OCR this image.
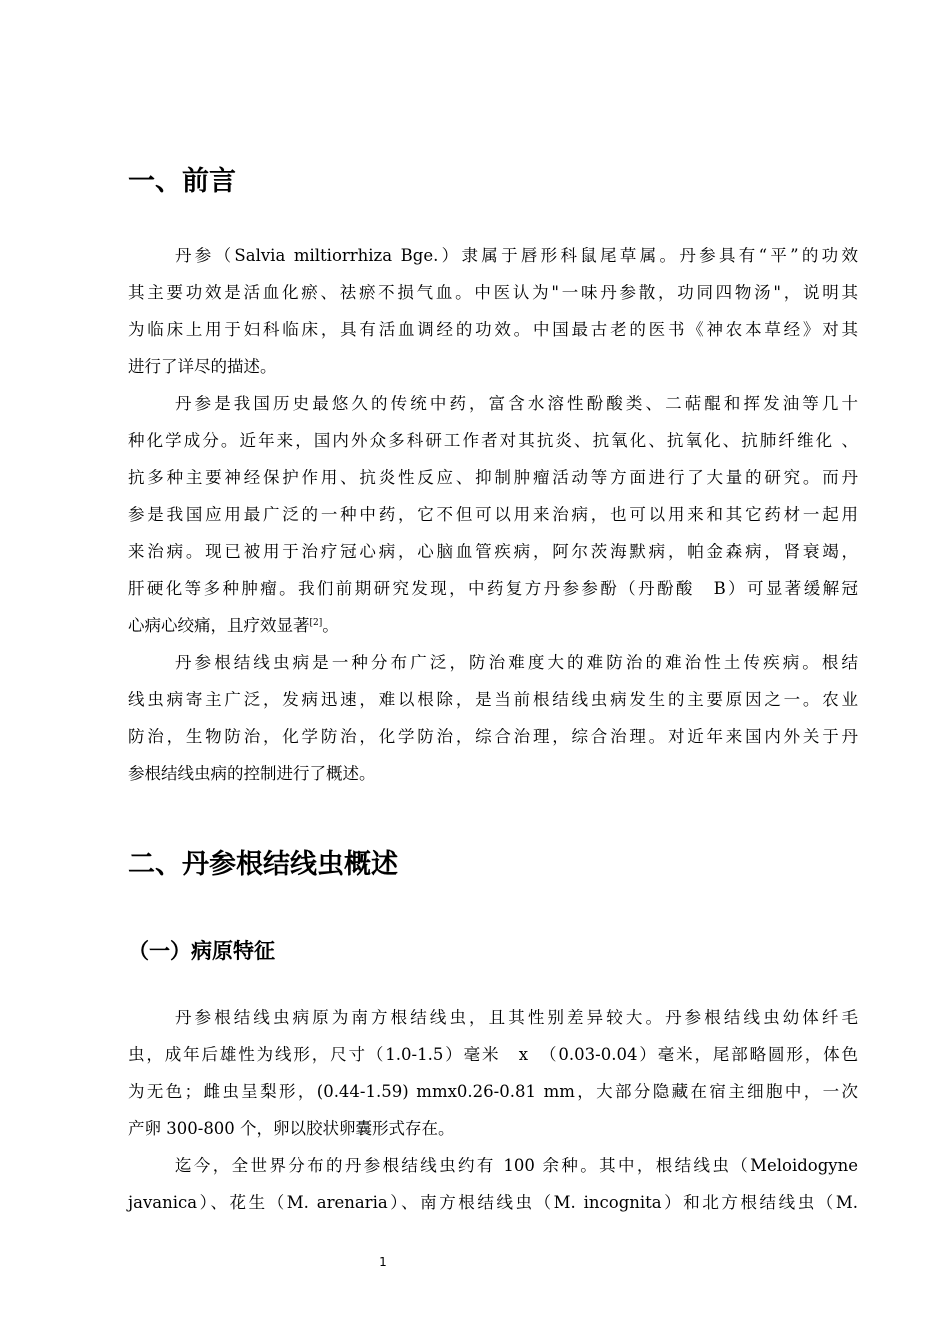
一、前言
丹参（Salvia miltiorrhiza Bge.）隶属于唇形科鼠尾草属。丹参具有“平”的功效
其主要功效是活血化瘀、祛瘀不损气血。中医认为"一味丹参散，功同四物汤"，说明其
为临床上用于妇科临床，具有活血调经的功效。中国最古老的医书《神农本草经》对其
进行了详尽的描述。
丹参是我国历史最悠久的传统中药，富含水溶性酚酸类、二萜醌和挥发油等几十
种化学成分。近年来，国内外众多科研工作者对其抗炎、抗氧化、抗氧化、抗肺纤维化 、
抗多种主要神经保护作用、抗炎性反应、抑制肿瘤活动等方面进行了大量的研究。而丹
参是我国应用最广泛的一种中药，它不但可以用来治病，也可以用来和其它药材一起用
来治病。现已被用于治疗冠心病，心脑血管疾病，阿尔茨海默病，帕金森病，肾衰竭，
肝硬化等多种肿瘤。我们前期研究发现，中药复方丹参参酚（丹酚酸　B）可显著缓解冠
心病心绞痛，且疗效显著[2]。
丹参根结线虫病是一种分布广泛，防治难度大的难防治的难治性土传疾病。根结
线虫病寄主广泛，发病迅速，难以根除，是当前根结线虫病发生的主要原因之一。农业
防治，生物防治，化学防治，化学防治，综合治理，综合治理。对近年来国内外关于丹
参根结线虫病的控制进行了概述。
二、丹参根结线虫概述
（一）病原特征
丹参根结线虫病原为南方根结线虫，且其性别差异较大。丹参根结线虫幼体纤毛
虫，成年后雄性为线形，尺寸（1.0-1.5）毫米　x　（0.03-0.04）毫米，尾部略圆形，体色
为无色；雌虫呈梨形，(0.44-1.59) mmx0.26-0.81 mm，大部分隐藏在宿主细胞中，一次
产卵 300-800 个，卵以胶状卵囊形式存在。
迄今，全世界分布的丹参根结线虫约有 100 余种。其中，根结线虫（Meloidogyne
javanica）、花生（M. arenaria）、南方根结线虫（M. incognita）和北方根结线虫（M.
1
